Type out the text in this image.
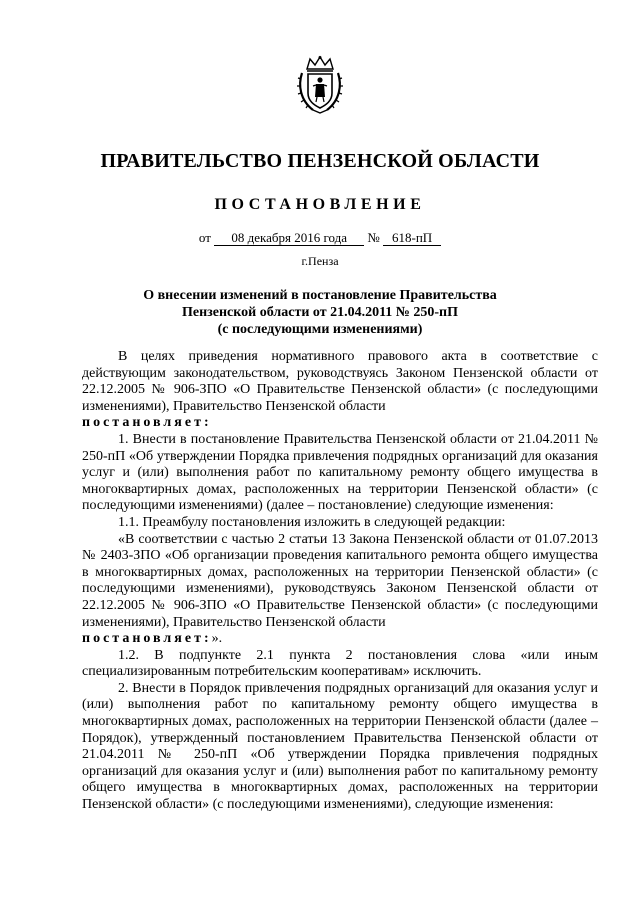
ПРАВИТЕЛЬСТВО ПЕНЗЕНСКОЙ ОБЛАСТИ
ПОСТАНОВЛЕНИЕ
от 08 декабря 2016 года № 618-пП
г.Пенза
О внесении изменений в постановление Правительства
Пензенской области от 21.04.2011 № 250-пП
(с последующими изменениями)

В целях приведения нормативного правового акта в соответствие с действующим законодательством, руководствуясь Законом Пензенской области от 22.12.2005 № 906-ЗПО «О Правительстве Пензенской области» (с последующими изменениями), Правительство Пензенской области

постановляет:

1. Внести в постановление Правительства Пензенской области от 21.04.2011 № 250-пП «Об утверждении Порядка привлечения подрядных организаций для оказания услуг и (или) выполнения работ по капитальному ремонту общего имущества в многоквартирных домах, расположенных на территории Пензенской области» (с последующими изменениями) (далее – постановление) следующие изменения:

1.1. Преамбулу постановления изложить в следующей редакции:

«В соответствии с частью 2 статьи 13 Закона Пензенской области от 01.07.2013 № 2403-ЗПО «Об организации проведения капитального ремонта общего имущества в многоквартирных домах, расположенных на территории Пензенской области» (с последующими изменениями), руководствуясь Законом Пензенской области от 22.12.2005 № 906-ЗПО «О Правительстве Пензенской области» (с последующими изменениями), Правительство Пензенской области

постановляет:».

1.2. В подпункте 2.1 пункта 2 постановления слова «или иным специализированным потребительским кооперативам» исключить.

2. Внести в Порядок привлечения подрядных организаций для оказания услуг и (или) выполнения работ по капитальному ремонту общего имущества в многоквартирных домах, расположенных на территории Пензенской области (далее – Порядок), утвержденный постановлением Правительства Пензенской области от 21.04.2011 № 250-пП «Об утверждении Порядка привлечения подрядных организаций для оказания услуг и (или) выполнения работ по капитальному ремонту общего имущества в многоквартирных домах, расположенных на территории Пензенской области» (с последующими изменениями), следующие изменения:
